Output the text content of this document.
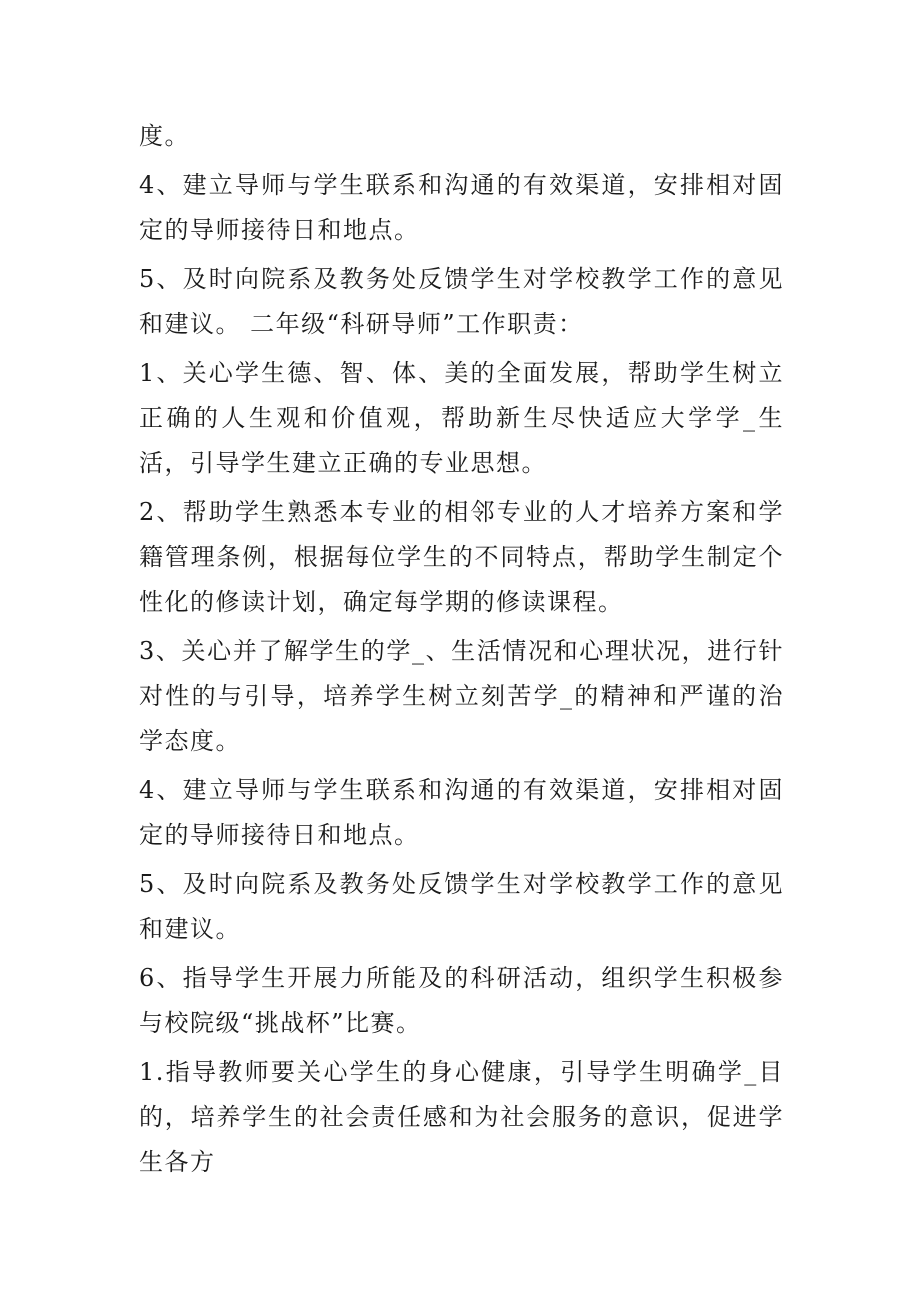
度。

4、建立导师与学生联系和沟通的有效渠道，安排相对固定的导师接待日和地点。

5、及时向院系及教务处反馈学生对学校教学工作的意见和建议。 二年级“科研导师”工作职责：

1、关心学生德、智、体、美的全面发展，帮助学生树立正确的人生观和价值观，帮助新生尽快适应大学学_生活，引导学生建立正确的专业思想。

2、帮助学生熟悉本专业的相邻专业的人才培养方案和学籍管理条例，根据每位学生的不同特点，帮助学生制定个性化的修读计划，确定每学期的修读课程。

3、关心并了解学生的学_、生活情况和心理状况，进行针对性的与引导，培养学生树立刻苦学_的精神和严谨的治学态度。

4、建立导师与学生联系和沟通的有效渠道，安排相对固定的导师接待日和地点。

5、及时向院系及教务处反馈学生对学校教学工作的意见和建议。

6、指导学生开展力所能及的科研活动，组织学生积极参与校院级“挑战杯”比赛。

1.指导教师要关心学生的身心健康，引导学生明确学_目的，培养学生的社会责任感和为社会服务的意识，促进学生各方
